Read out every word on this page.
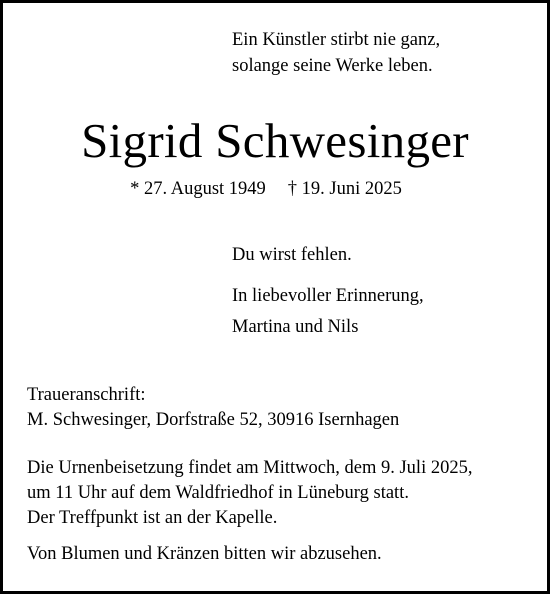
Ein Künstler stirbt nie ganz,
solange seine Werke leben.
Sigrid Schwesinger
* 27. August 1949 † 19. Juni 2025
Du wirst fehlen.
In liebevoller Erinnerung,
Martina und Nils
Traueranschrift:
M. Schwesinger, Dorfstraße 52, 30916 Isernhagen
Die Urnenbeisetzung findet am Mittwoch, dem 9. Juli 2025,
um 11 Uhr auf dem Waldfriedhof in Lüneburg statt.
Der Treffpunkt ist an der Kapelle.
Von Blumen und Kränzen bitten wir abzusehen.
